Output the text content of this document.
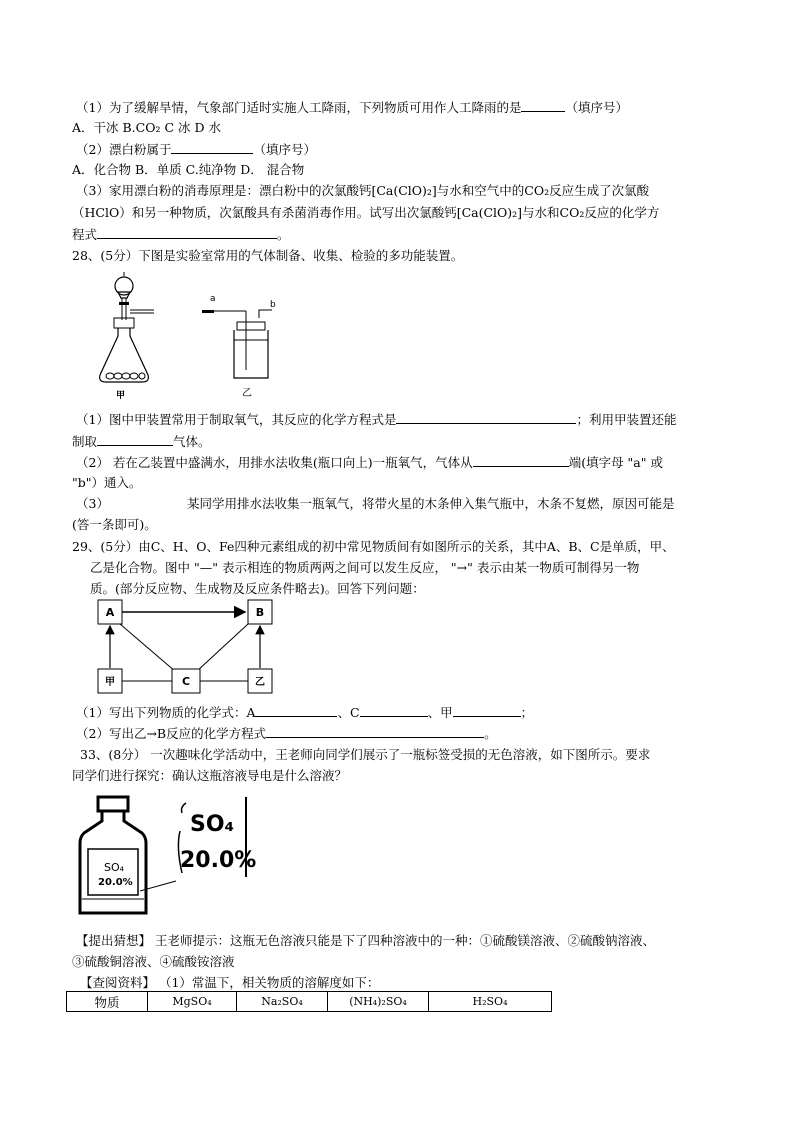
（1）为了缓解旱情，气象部门适时实施人工降雨，下列物质可用作人工降雨的是	（填序号）
A．干冰 B.CO₂ C 冰 D 水
（2）漂白粉属于	（填序号）
A．化合物 B．单质 C.纯净物 D． 混合物
（3）家用漂白粉的消毒原理是：漂白粉中的次氯酸钙[Ca(ClO)₂]与水和空气中的CO₂反应生成了次氯酸
（HClO）和另一种物质，次氯酸具有杀菌消毒作用。试写出次氯酸钙[Ca(ClO)₂]与水和CO₂反应的化学方
程式	。
28、(5分）下图是实验室常用的气体制备、收集、检验的多功能装置。
甲
a
b
乙
（1）图中甲装置常用于制取氧气，其反应的化学方程式是	；利用甲装置还能
制取	气体。
（2） 若在乙装置中盛满水，用排水法收集(瓶口向上)一瓶氧气，气体从	端(填字母 "a" 或
"b"）通入。
（3）	某同学用排水法收集一瓶氧气，将带火星的木条伸入集气瓶中，木条不复燃，原因可能是
(答一条即可)。
29、(5分）由C、H、O、Fe四种元素组成的初中常见物质间有如图所示的关系，其中A、B、C是单质，甲、
乙是化合物。图中 "—" 表示相连的物质两两之间可以发生反应， "→" 表示由某一物质可制得另一物
质。(部分反应物、生成物及反应条件略去)。回答下列问题：
A	B
甲	C	乙
（1）写出下列物质的化学式：A	、C	、甲	；
（2）写出乙→B反应的化学方程式	。
33、(8分） 一次趣味化学活动中，王老师向同学们展示了一瓶标签受损的无色溶液，如下图所示。要求
同学们进行探究：确认这瓶溶液导电是什么溶液？
SO₄
20.0%
SO₄
20.0%
【提出猜想】 王老师提示：这瓶无色溶液只能是下了四种溶液中的一种：①硫酸镁溶液、②硫酸钠溶液、
③硫酸铜溶液、④硫酸铵溶液
【查阅资料】 （1）常温下，相关物质的溶解度如下：
物质	MgSO₄	Na₂SO₄	(NH₄)₂SO₄	H₂SO₄
